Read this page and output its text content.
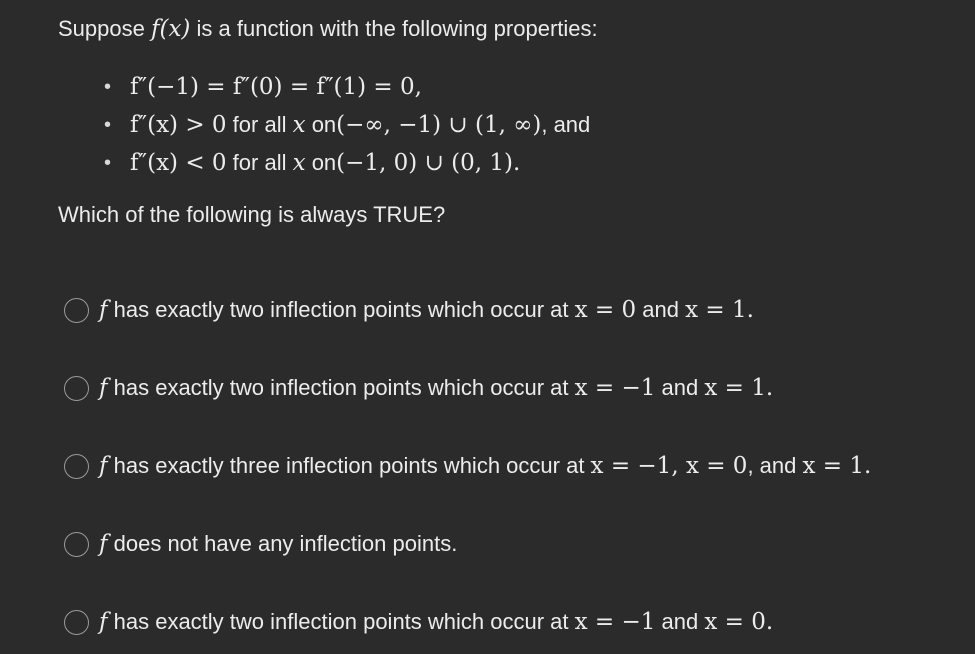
Suppose f(x) is a function with the following properties:
• f″(−1) = f″(0) = f″(1) = 0,
• f″(x) > 0 for all x on(−∞, −1) ∪ (1, ∞), and
• f″(x) < 0 for all x on(−1, 0) ∪ (0, 1).
Which of the following is always TRUE?
f has exactly two inflection points which occur at x = 0 and x = 1.
f has exactly two inflection points which occur at x = −1 and x = 1.
f has exactly three inflection points which occur at x = −1, x = 0, and x = 1.
f does not have any inflection points.
f has exactly two inflection points which occur at x = −1 and x = 0.
